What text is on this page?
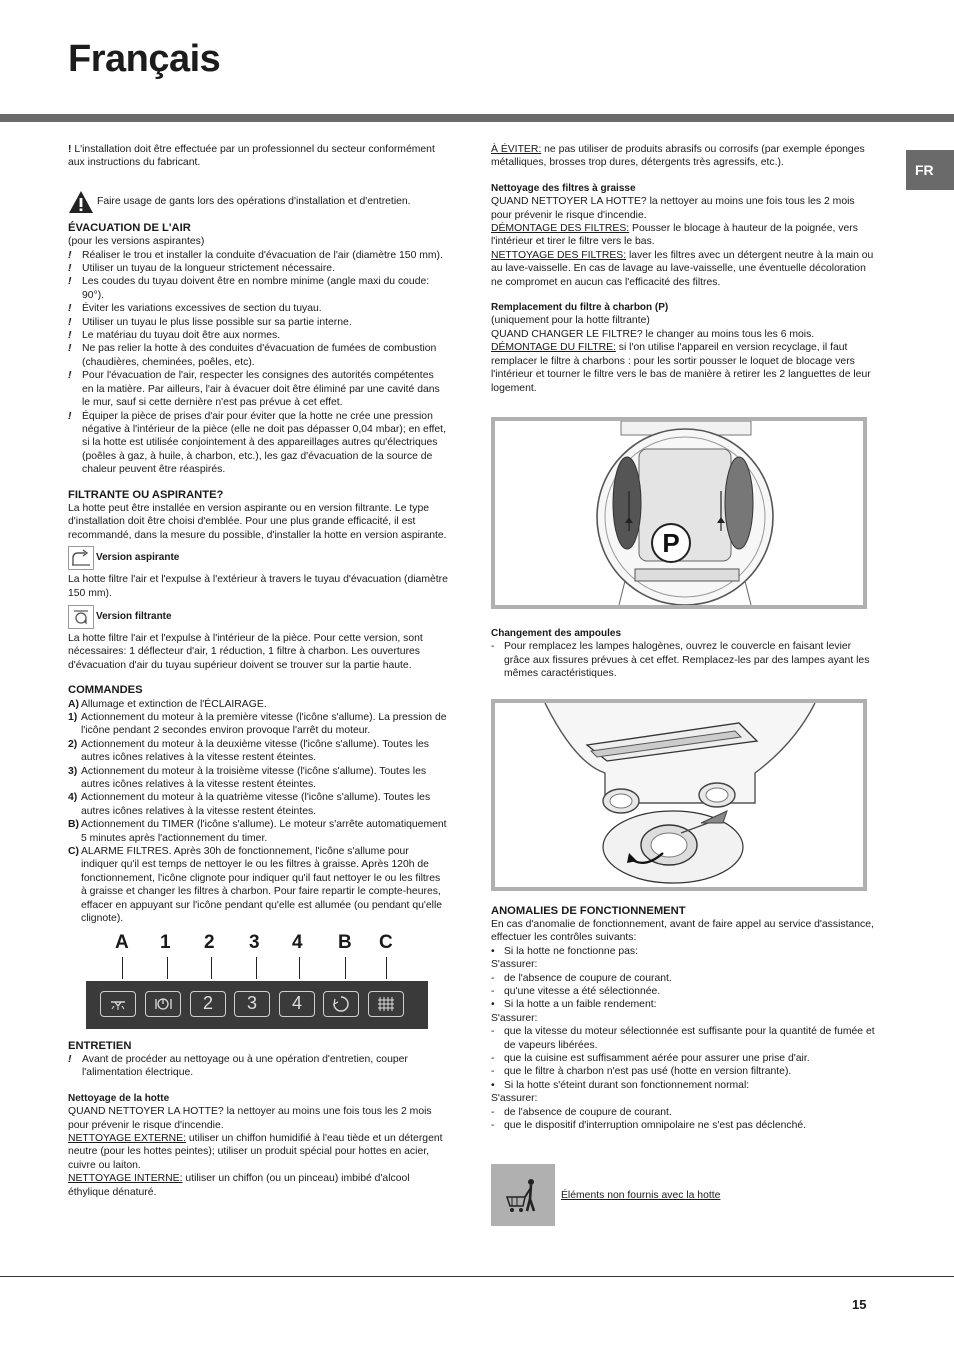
Français
FR

! L'installation doit être effectuée par un professionnel du secteur conformément aux instructions du fabricant.

Faire usage de gants lors des opérations d'installation et d'entretien.

ÉVACUATION DE L'AIR

(pour les versions aspirantes)

!	Réaliser le trou et installer la conduite d'évacuation de l'air (diamètre 150 mm).
!	Utiliser un tuyau de la longueur strictement nécessaire.
!	Les coudes du tuyau doivent être en nombre minime (angle maxi du coude: 90°).
!	Éviter les variations excessives de section du tuyau.
!	Utiliser un tuyau le plus lisse possible sur sa partie interne.
!	Le matériau du tuyau doit être aux normes.
!	Ne pas relier la hotte à des conduites d'évacuation de fumées de combustion (chaudières, cheminées, poêles, etc).
!	Pour l'évacuation de l'air, respecter les consignes des autorités compétentes en la matière. Par ailleurs, l'air à évacuer doit être éliminé par une cavité dans le mur, sauf si cette dernière n'est pas prévue à cet effet.
!	Équiper la pièce de prises d'air pour éviter que la hotte ne crée une pression négative à l'intérieur de la pièce (elle ne doit pas dépasser 0,04 mbar); en effet, si la hotte est utilisée conjointement à des appareillages autres qu'électriques (poêles à gaz, à huile, à charbon, etc.), les gaz d'évacuation de la source de chaleur peuvent être réaspirés.

FILTRANTE OU ASPIRANTE?

La hotte peut être installée en version aspirante ou en version filtrante. Le type d'installation doit être choisi d'emblée. Pour une plus grande efficacité, il est recommandé, dans la mesure du possible, d'installer la hotte en version aspirante.

Version aspirante

La hotte filtre l'air et l'expulse à l'extérieur à travers le tuyau d'évacuation (diamètre 150 mm).

Version filtrante

La hotte filtre l'air et l'expulse à l'intérieur de la pièce. Pour cette version, sont nécessaires: 1 déflecteur d'air, 1 réduction, 1 filtre à charbon. Les ouvertures d'évacuation d'air du tuyau supérieur doivent se trouver sur la partie haute.

COMMANDES

A) Allumage et extinction de l'ÉCLAIRAGE.
1) Actionnement du moteur à la première vitesse (l'icône s'allume). La pression de l'icône pendant 2 secondes environ provoque l'arrêt du moteur.
2) Actionnement du moteur à la deuxième vitesse (l'icône s'allume). Toutes les autres icônes relatives à la vitesse restent éteintes.
3) Actionnement du moteur à la troisième vitesse (l'icône s'allume). Toutes les autres icônes relatives à la vitesse restent éteintes.
4) Actionnement du moteur à la quatrième vitesse (l'icône s'allume). Toutes les autres icônes relatives à la vitesse restent éteintes.
B) Actionnement du TIMER (l'icône s'allume). Le moteur s'arrête automatiquement 5 minutes après l'actionnement du timer.
C) ALARME FILTRES. Après 30h de fonctionnement, l'icône s'allume pour indiquer qu'il est temps de nettoyer le ou les filtres à graisse. Après 120h de fonctionnement, l'icône clignote pour indiquer qu'il faut nettoyer le ou les filtres à graisse et changer les filtres à charbon. Pour faire repartir le compte-heures, effacer en appuyant sur l'icône pendant qu'elle est allumée (ou pendant qu'elle clignote).
A 1 2 3 4 B C
2	3	4

ENTRETIEN

!	Avant de procéder au nettoyage ou à une opération d'entretien, couper l'alimentation électrique.

Nettoyage de la hotte

QUAND NETTOYER LA HOTTE? la nettoyer au moins une fois tous les 2 mois pour prévenir le risque d'incendie.

NETTOYAGE EXTERNE: utiliser un chiffon humidifié à l'eau tiède et un détergent neutre (pour les hottes peintes); utiliser un produit spécial pour hottes en acier, cuivre ou laiton.

NETTOYAGE INTERNE: utiliser un chiffon (ou un pinceau) imbibé d'alcool éthylique dénaturé.

À ÉVITER: ne pas utiliser de produits abrasifs ou corrosifs (par exemple éponges métalliques, brosses trop dures, détergents très agressifs, etc.).

Nettoyage des filtres à graisse

QUAND NETTOYER LA HOTTE? la nettoyer au moins une fois tous les 2 mois pour prévenir le risque d'incendie.

DÉMONTAGE DES FILTRES: Pousser le blocage à hauteur de la poignée, vers l'intérieur et tirer le filtre vers le bas.

NETTOYAGE DES FILTRES: laver les filtres avec un détergent neutre à la main ou au lave-vaisselle. En cas de lavage au lave-vaisselle, une éventuelle décoloration ne compromet en aucun cas l'efficacité des filtres.

Remplacement du filtre à charbon (P)

(uniquement pour la hotte filtrante)

QUAND CHANGER LE FILTRE? le changer au moins tous les 6 mois.

DÉMONTAGE DU FILTRE: si l'on utilise l'appareil en version recyclage, il faut remplacer le filtre à charbons : pour les sortir pousser le loquet de blocage vers l'intérieur et tourner le filtre vers le bas de manière à retirer les 2 languettes de leur logement.

P

Changement des ampoules

- Pour remplacez les lampes halogènes, ouvrez le couvercle en faisant levier grâce aux fissures prévues à cet effet. Remplacez-les par des lampes ayant les mêmes caractéristiques.

ANOMALIES DE FONCTIONNEMENT

En cas d'anomalie de fonctionnement, avant de faire appel au service d'assistance, effectuer les contrôles suivants:

• Si la hotte ne fonctionne pas:

S'assurer:

- de l'absence de coupure de courant.
- qu'une vitesse a été sélectionnée.
• Si la hotte a un faible rendement:

S'assurer:

- que la vitesse du moteur sélectionnée est suffisante pour la quantité de fumée et de vapeurs libérées.
- que la cuisine est suffisamment aérée pour assurer une prise d'air.
- que le filtre à charbon n'est pas usé (hotte en version filtrante).
• Si la hotte s'éteint durant son fonctionnement normal:

S'assurer:

- de l'absence de coupure de courant.
- que le dispositif d'interruption omnipolaire ne s'est pas déclenché.
Éléments non fournis avec la hotte
15
